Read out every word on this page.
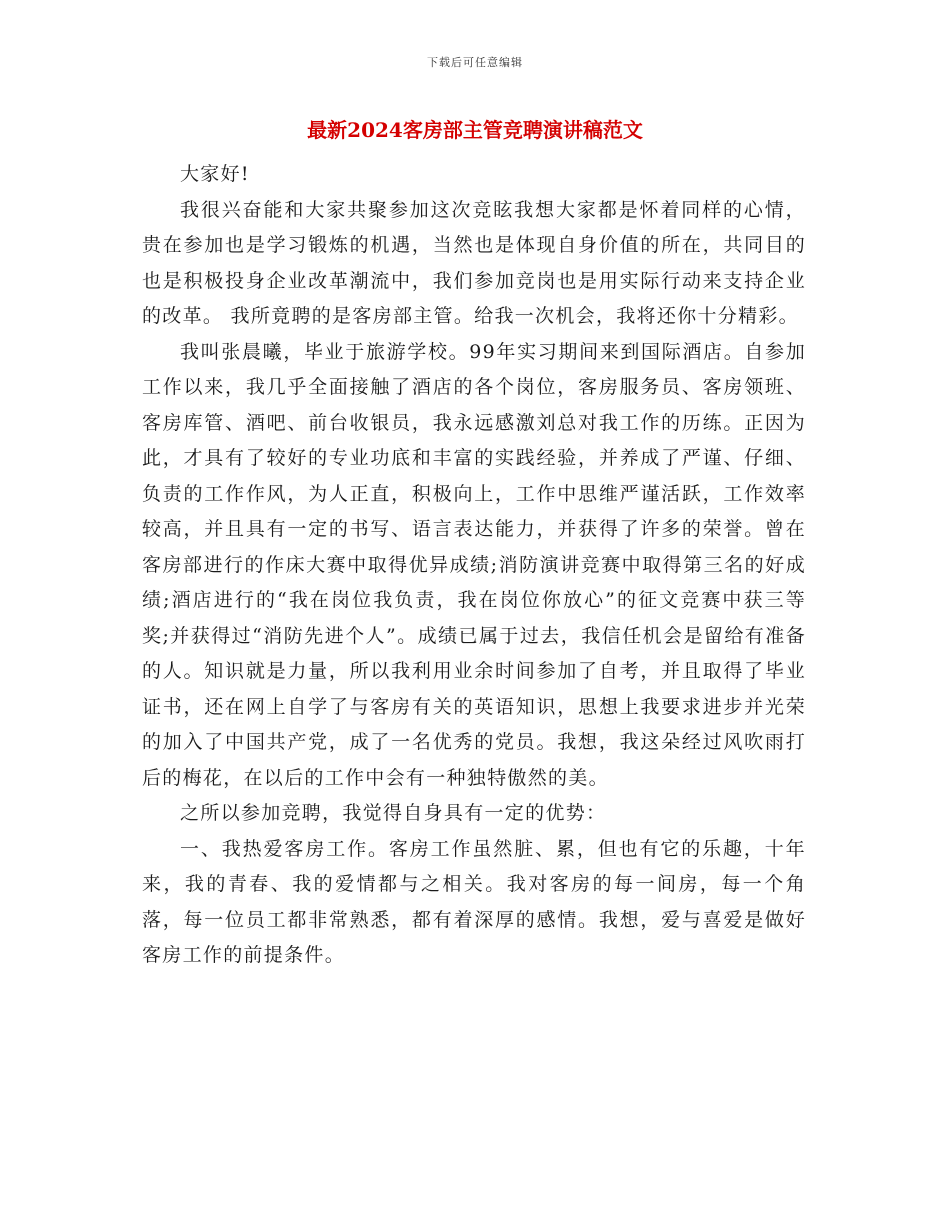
下载后可任意编辑
最新2024客房部主管竞聘演讲稿范文

大家好!

我很兴奋能和大家共聚参加这次竞眩我想大家都是怀着同样的心情，贵在参加也是学习锻炼的机遇，当然也是体现自身价值的所在，共同目的也是积极投身企业改革潮流中，我们参加竞岗也是用实际行动来支持企业的改革。 我所竟聘的是客房部主管。给我一次机会，我将还你十分精彩。

我叫张晨曦，毕业于旅游学校。99年实习期间来到国际酒店。自参加工作以来，我几乎全面接触了酒店的各个岗位，客房服务员、客房领班、客房库管、酒吧、前台收银员，我永远感激刘总对我工作的历练。正因为此，才具有了较好的专业功底和丰富的实践经验，并养成了严谨、仔细、负责的工作作风，为人正直，积极向上，工作中思维严谨活跃，工作效率较高，并且具有一定的书写、语言表达能力，并获得了许多的荣誉。曾在客房部进行的作床大赛中取得优异成绩;消防演讲竞赛中取得第三名的好成绩;酒店进行的“我在岗位我负责，我在岗位你放心”的征文竞赛中获三等奖;并获得过“消防先进个人”。成绩已属于过去，我信任机会是留给有准备的人。知识就是力量，所以我利用业余时间参加了自考，并且取得了毕业证书，还在网上自学了与客房有关的英语知识，思想上我要求进步并光荣的加入了中国共产党，成了一名优秀的党员。我想，我这朵经过风吹雨打后的梅花，在以后的工作中会有一种独特傲然的美。

之所以参加竞聘，我觉得自身具有一定的优势：

一、我热爱客房工作。客房工作虽然脏、累，但也有它的乐趣，十年来，我的青春、我的爱情都与之相关。我对客房的每一间房，每一个角落，每一位员工都非常熟悉，都有着深厚的感情。我想，爱与喜爱是做好客房工作的前提条件。
